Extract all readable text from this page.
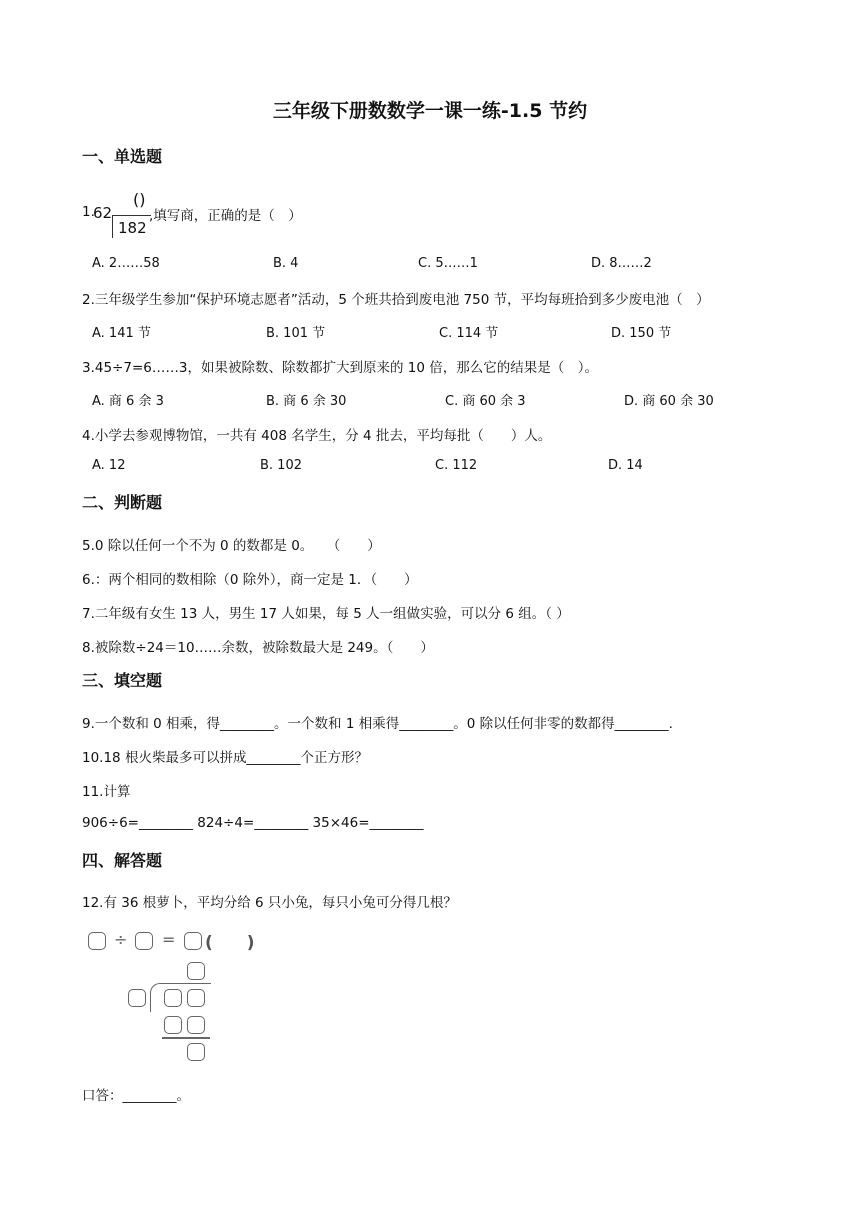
三年级下册数数学一课一练-1.5 节约
一、单选题
1.
62
()
182
,填写商，正确的是（　）
A. 2……58	B. 4	C. 5……1	D. 8……2
2.三年级学生参加“保护环境志愿者”活动，5 个班共拾到废电池 750 节，平均每班拾到多少废电池（　）
A. 141 节	B. 101 节	C. 114 节	D. 150 节
3.45÷7=6……3，如果被除数、除数都扩大到原来的 10 倍，那么它的结果是（　）。
A. 商 6 余 3	B. 商 6 余 30	C. 商 60 余 3	D. 商 60 余 30
4.小学去参观博物馆，一共有 408 名学生，分 4 批去，平均每批（　　）人。
A. 12	B. 102	C. 112	D. 14
二、判断题
5.0 除以任何一个不为 0 的数都是 0。　　（　　）
6.：两个相同的数相除（0 除外），商一定是 1．（　　）
7.二年级有女生 13 人，男生 17 人如果，每 5 人一组做实验，可以分 6 组。（ ）
8.被除数÷24＝10……余数，被除数最大是 249。（　　）
三、填空题
9.一个数和 0 相乘，得________。一个数和 1 相乘得________。0 除以任何非零的数都得________.
10.18 根火柴最多可以拼成________个正方形？
11.计算
906÷6=________ 824÷4=________ 35×46=________
四、解答题
12.有 36 根萝卜，平均分给 6 只小兔，每只小兔可分得几根？
÷ = (　　)
口答：________。
